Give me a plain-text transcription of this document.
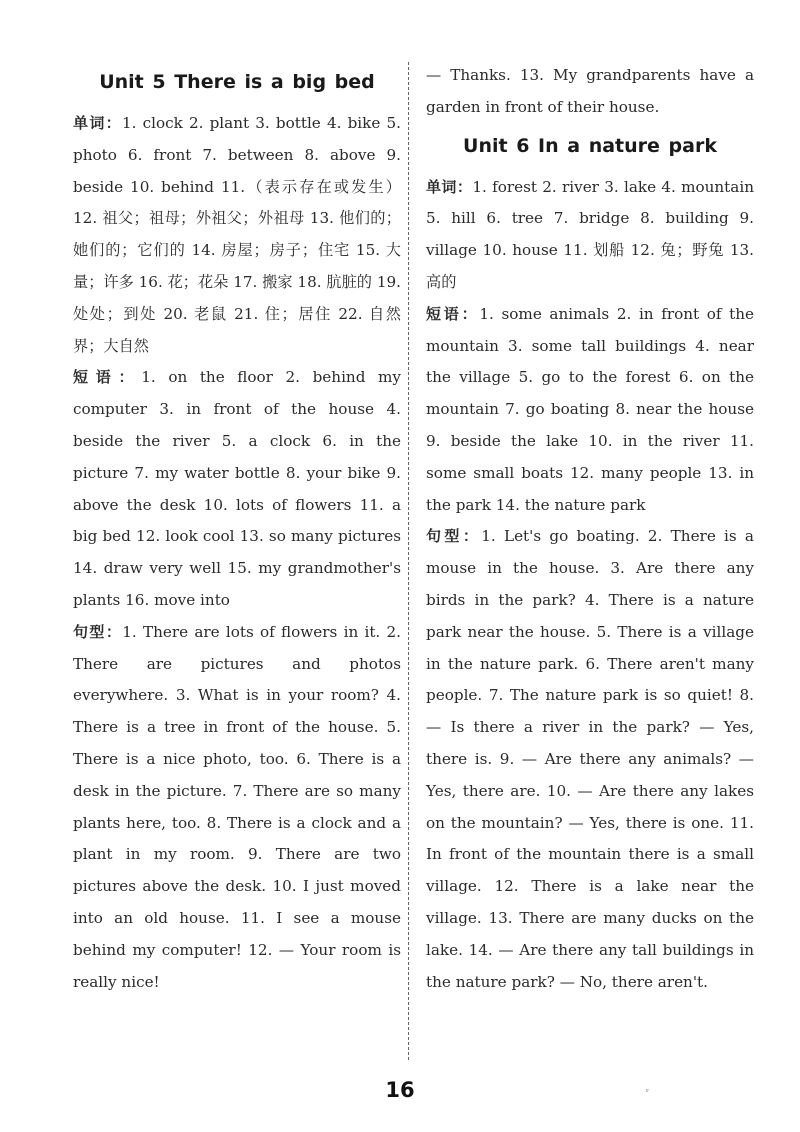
Unit 5 There is a big bed

单词：1. clock 2. plant 3. bottle 4. bike 5. photo 6. front 7. between 8. above 9. beside 10. behind 11.（表示存在或发生） 12. 祖父；祖母；外祖父；外祖母 13. 他们的；她们的；它们的 14. 房屋；房子；住宅 15. 大量；许多 16. 花；花朵 17. 搬家 18. 肮脏的 19. 处处；到处 20. 老鼠 21. 住；居住 22. 自然界；大自然

短语：1. on the floor 2. behind my computer 3. in front of the house 4. beside the river 5. a clock 6. in the picture 7. my water bottle 8. your bike 9. above the desk 10. lots of flowers 11. a big bed 12. look cool 13. so many pictures 14. draw very well 15. my grandmother's plants 16. move into

句型：1. There are lots of flowers in it. 2. There are pictures and photos everywhere. 3. What is in your room? 4. There is a tree in front of the house. 5. There is a nice photo, too. 6. There is a desk in the picture. 7. There are so many plants here, too. 8. There is a clock and a plant in my room. 9. There are two pictures above the desk. 10. I just moved into an old house. 11. I see a mouse behind my computer! 12. — Your room is really nice!

— Thanks. 13. My grandparents have a garden in front of their house.

Unit 6 In a nature park

单词：1. forest 2. river 3. lake 4. mountain 5. hill 6. tree 7. bridge 8. building 9. village 10. house 11. 划船 12. 兔；野兔 13. 高的

短语：1. some animals 2. in front of the mountain 3. some tall buildings 4. near the village 5. go to the forest 6. on the mountain 7. go boating 8. near the house 9. beside the lake 10. in the river 11. some small boats 12. many people 13. in the park 14. the nature park

句型：1. Let's go boating. 2. There is a mouse in the house. 3. Are there any birds in the park? 4. There is a nature park near the house. 5. There is a village in the nature park. 6. There aren't many people. 7. The nature park is so quiet! 8. — Is there a river in the park? — Yes, there is. 9. — Are there any animals? — Yes, there are. 10. — Are there any lakes on the mountain? — Yes, there is one. 11. In front of the mountain there is a small village. 12. There is a lake near the village. 13. There are many ducks on the lake. 14. — Are there any tall buildings in the nature park? — No, there aren't.

16	ʳ
